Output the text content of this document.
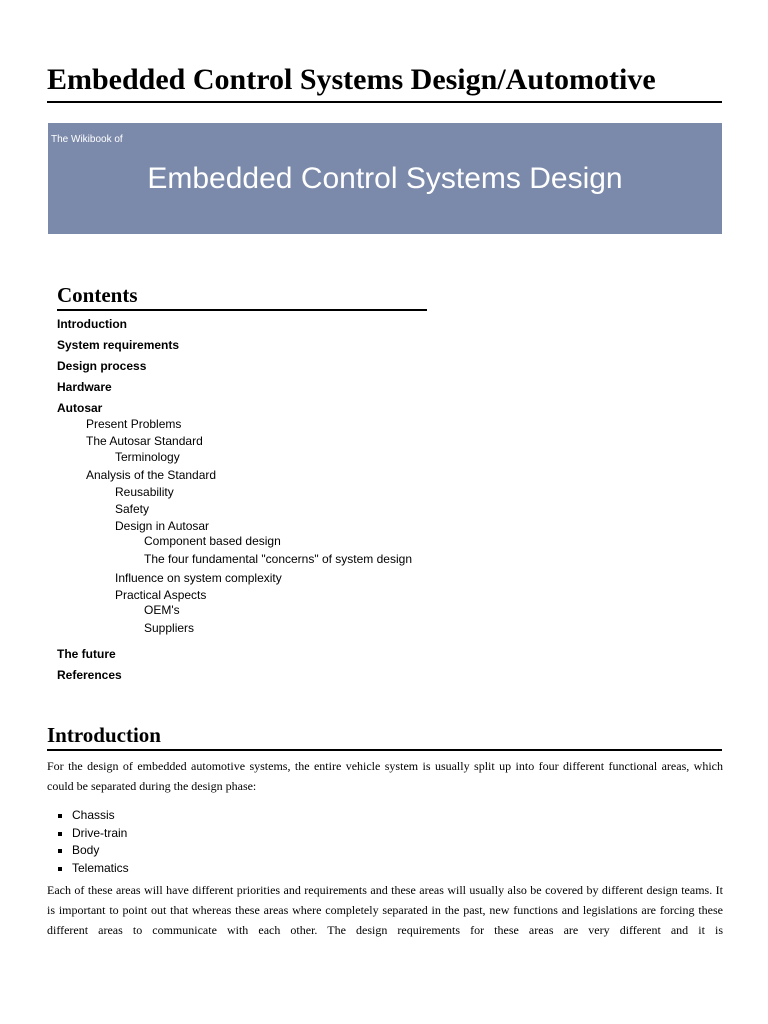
Embedded Control Systems Design/Automotive
The Wikibook of
Embedded Control Systems Design
Contents
Introduction
System requirements
Design process
Hardware
Autosar
Present Problems
The Autosar Standard
Terminology
Analysis of the Standard
Reusability
Safety
Design in Autosar
Component based design
The four fundamental "concerns" of system design
Influence on system complexity
Practical Aspects
OEM's
Suppliers
The future
References
Introduction
For the design of embedded automotive systems, the entire vehicle system is usually split up into four different functional areas, which could be separated during the design phase:
Chassis
Drive-train
Body
Telematics
Each of these areas will have different priorities and requirements and these areas will usually also be covered by different design teams. It is important to point out that whereas these areas where completely separated in the past, new functions and legislations are forcing these different areas to communicate with each other. The design requirements for these areas are very different and it is
